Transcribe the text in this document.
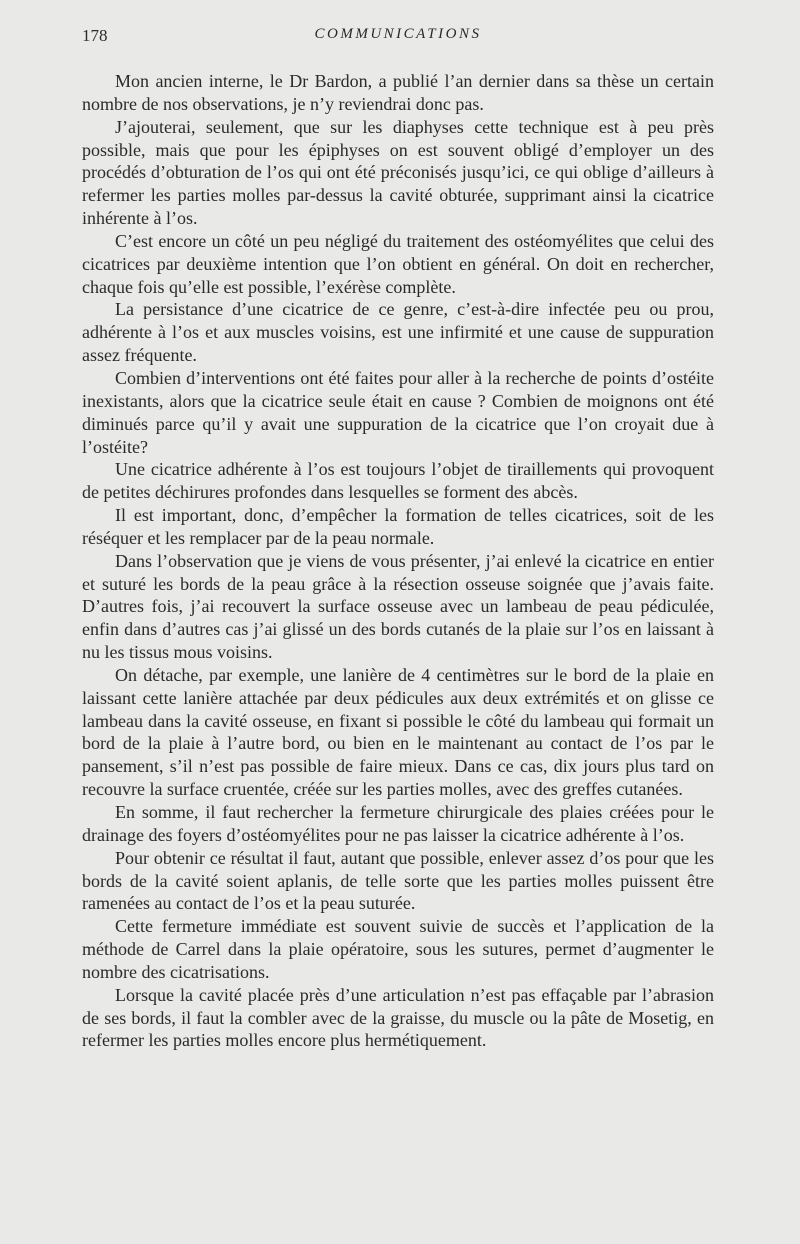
178	COMMUNICATIONS

Mon ancien interne, le Dr Bardon, a publié l’an dernier dans sa thèse un certain nombre de nos observations, je n’y reviendrai donc pas.

J’ajouterai, seulement, que sur les diaphyses cette technique est à peu près possible, mais que pour les épiphyses on est souvent obligé d’employer un des procédés d’obturation de l’os qui ont été préconisés jusqu’ici, ce qui oblige d’ailleurs à refermer les parties molles par-dessus la cavité obturée, supprimant ainsi la cicatrice inhérente à l’os.

C’est encore un côté un peu négligé du traitement des ostéomyélites que celui des cicatrices par deuxième intention que l’on obtient en général. On doit en rechercher, chaque fois qu’elle est possible, l’exérèse complète.

La persistance d’une cicatrice de ce genre, c’est-à-dire infectée peu ou prou, adhérente à l’os et aux muscles voisins, est une infirmité et une cause de suppuration assez fréquente.

Combien d’interventions ont été faites pour aller à la recherche de points d’ostéite inexistants, alors que la cicatrice seule était en cause ? Combien de moignons ont été diminués parce qu’il y avait une suppuration de la cicatrice que l’on croyait due à l’ostéite?

Une cicatrice adhérente à l’os est toujours l’objet de tiraillements qui provoquent de petites déchirures profondes dans lesquelles se forment des abcès.

Il est important, donc, d’empêcher la formation de telles cicatrices, soit de les réséquer et les remplacer par de la peau normale.

Dans l’observation que je viens de vous présenter, j’ai enlevé la cicatrice en entier et suturé les bords de la peau grâce à la résection osseuse soignée que j’avais faite. D’autres fois, j’ai recouvert la surface osseuse avec un lambeau de peau pédiculée, enfin dans d’autres cas j’ai glissé un des bords cutanés de la plaie sur l’os en laissant à nu les tissus mous voisins.

On détache, par exemple, une lanière de 4 centimètres sur le bord de la plaie en laissant cette lanière attachée par deux pédicules aux deux extrémités et on glisse ce lambeau dans la cavité osseuse, en fixant si possible le côté du lambeau qui formait un bord de la plaie à l’autre bord, ou bien en le maintenant au contact de l’os par le pansement, s’il n’est pas possible de faire mieux. Dans ce cas, dix jours plus tard on recouvre la surface cruentée, créée sur les parties molles, avec des greffes cutanées.

En somme, il faut rechercher la fermeture chirurgicale des plaies créées pour le drainage des foyers d’ostéomyélites pour ne pas laisser la cicatrice adhérente à l’os.

Pour obtenir ce résultat il faut, autant que possible, enlever assez d’os pour que les bords de la cavité soient aplanis, de telle sorte que les parties molles puissent être ramenées au contact de l’os et la peau suturée.

Cette fermeture immédiate est souvent suivie de succès et l’application de la méthode de Carrel dans la plaie opératoire, sous les sutures, permet d’augmenter le nombre des cicatrisations.

Lorsque la cavité placée près d’une articulation n’est pas effaçable par l’abrasion de ses bords, il faut la combler avec de la graisse, du muscle ou la pâte de Mosetig, en refermer les parties molles encore plus hermétiquement.
